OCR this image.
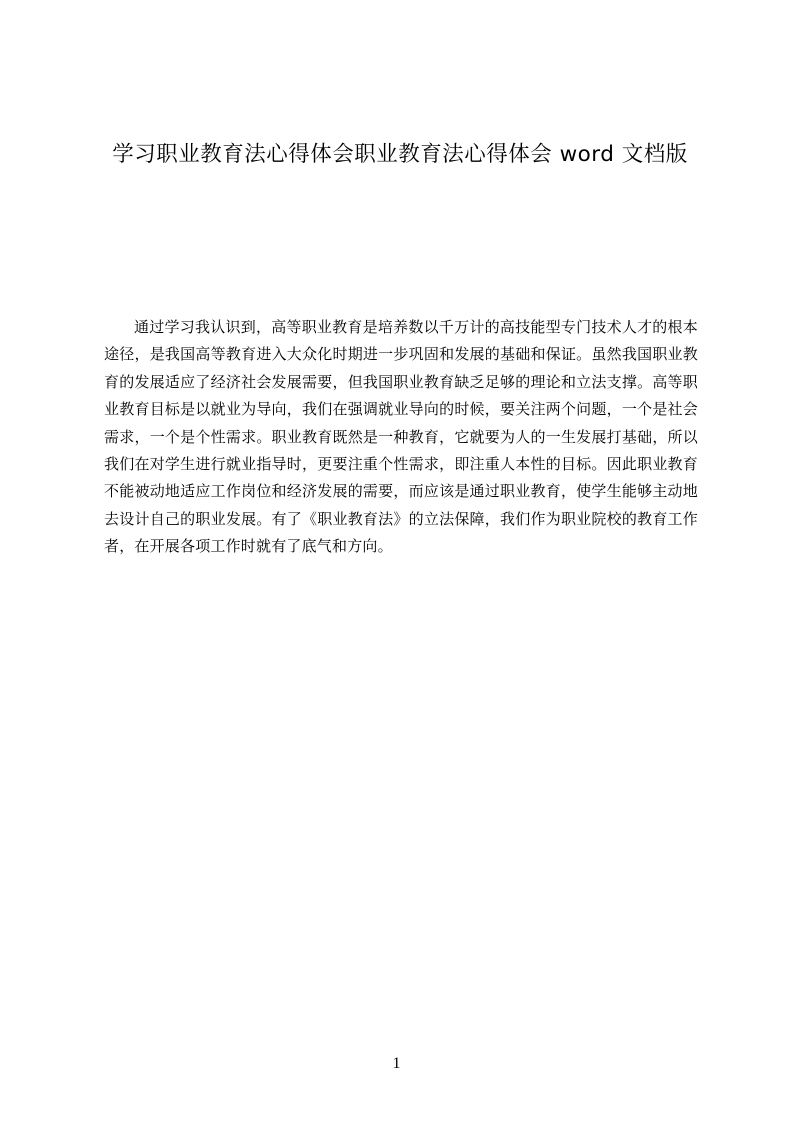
学习职业教育法心得体会职业教育法心得体会 word 文档版

通过学习我认识到，高等职业教育是培养数以千万计的高技能型专门技术人才的根本途径，是我国高等教育进入大众化时期进一步巩固和发展的基础和保证。虽然我国职业教育的发展适应了经济社会发展需要，但我国职业教育缺乏足够的理论和立法支撑。高等职业教育目标是以就业为导向，我们在强调就业导向的时候，要关注两个问题，一个是社会需求，一个是个性需求。职业教育既然是一种教育，它就要为人的一生发展打基础，所以我们在对学生进行就业指导时，更要注重个性需求，即注重人本性的目标。因此职业教育不能被动地适应工作岗位和经济发展的需要，而应该是通过职业教育，使学生能够主动地去设计自己的职业发展。有了《职业教育法》的立法保障，我们作为职业院校的教育工作者，在开展各项工作时就有了底气和方向。

1
